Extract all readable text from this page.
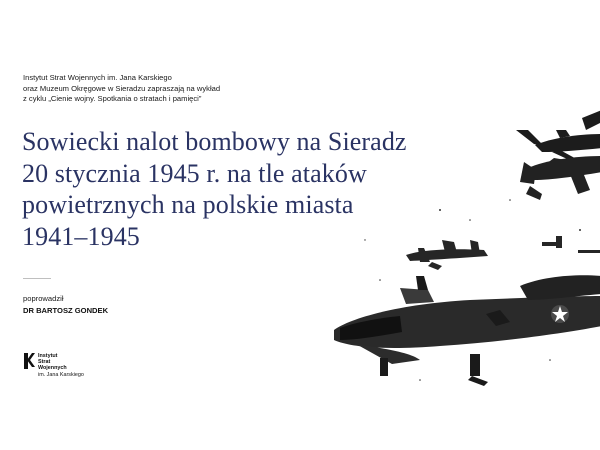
Instytut Strat Wojennych im. Jana Karskiego
oraz Muzeum Okręgowe w Sieradzu zapraszają na wykład
z cyklu „Cienie wojny. Spotkania o stratach i pamięci”
Sowiecki nalot bombowy na Sieradz
20 stycznia 1945 r. na tle ataków
powietrznych na polskie miasta
1941–1945
poprowadził
DR BARTOSZ GONDEK
Instytut
Strat
Wojennych
im. Jana Karskiego
